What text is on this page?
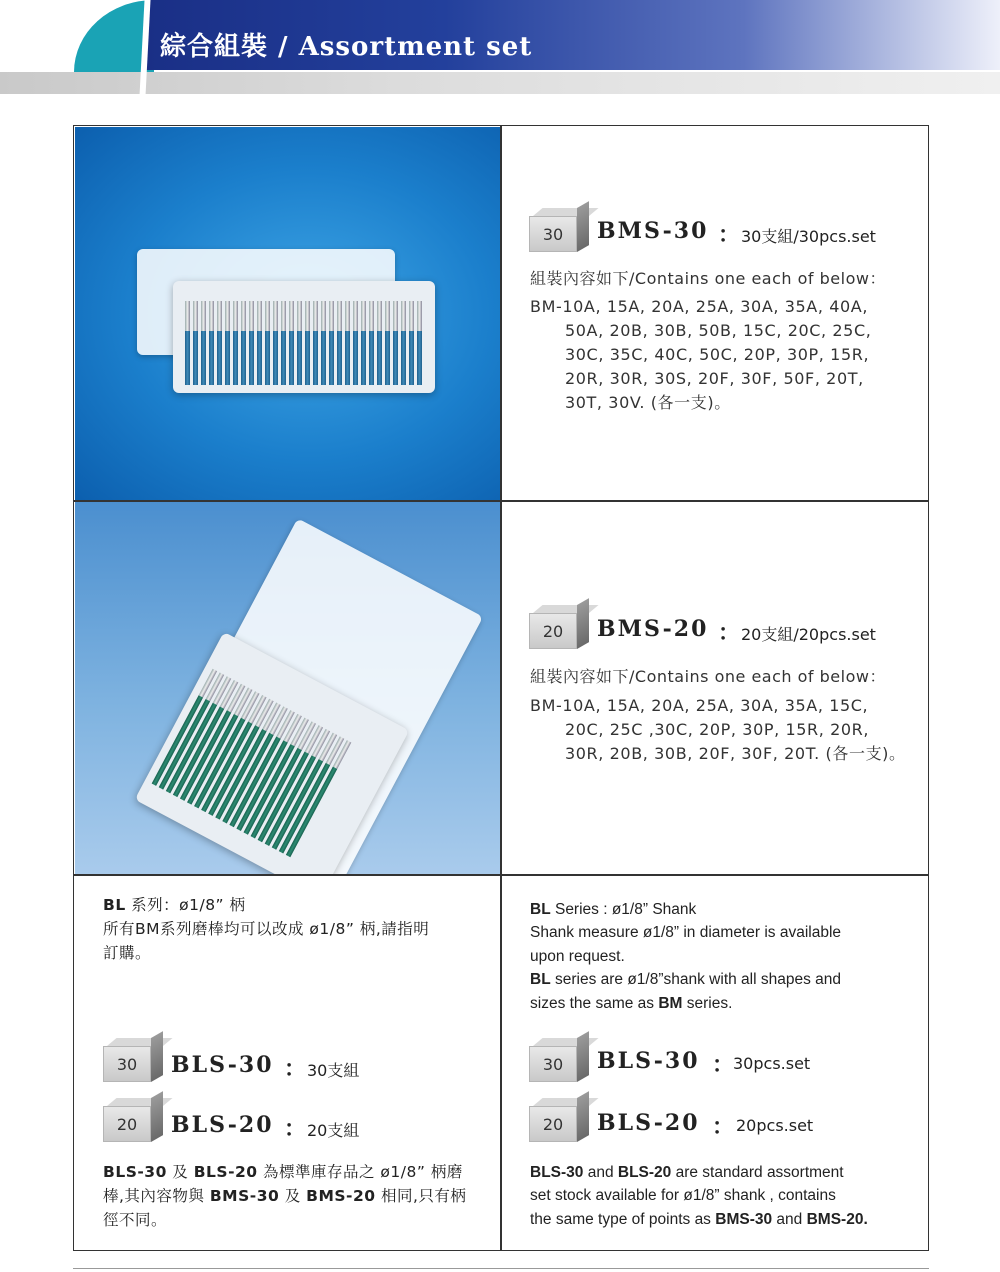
綜合組裝 / Assortment set
30	BMS-30 ： 30支組/30pcs.set
組裝內容如下/Contains one each of below：
BM-10A, 15A, 20A, 25A, 30A, 35A, 40A,
50A, 20B, 30B, 50B, 15C, 20C, 25C,
30C, 35C, 40C, 50C, 20P, 30P, 15R,
20R, 30R, 30S, 20F, 30F, 50F, 20T,
30T, 30V. (各一支)。
20	BMS-20 ： 20支組/20pcs.set
組裝內容如下/Contains one each of below：
BM-10A, 15A, 20A, 25A, 30A, 35A, 15C,
20C, 25C ,30C, 20P, 30P, 15R, 20R,
30R, 20B, 30B, 20F, 30F, 20T. (各一支)。
BL 系列：ø1/8” 柄
所有BM系列磨棒均可以改成 ø1/8” 柄,請指明
訂購。
30	BLS-30 ： 30支組
20	BLS-20 ： 20支組
BLS-30 及 BLS-20 為標準庫存品之 ø1/8” 柄磨
棒,其內容物與 BMS-30 及 BMS-20 相同,只有柄
徑不同。
BL Series : ø1/8” Shank
Shank measure ø1/8” in diameter is available
upon request.
BL series are ø1/8”shank with all shapes and
sizes the same as BM series.
30	BLS-30 ：
30pcs.set
20	BLS-20 ： 20pcs.set
BLS-30 and BLS-20 are standard assortment
set stock available for ø1/8” shank , contains
the same type of points as BMS-30 and BMS-20.
